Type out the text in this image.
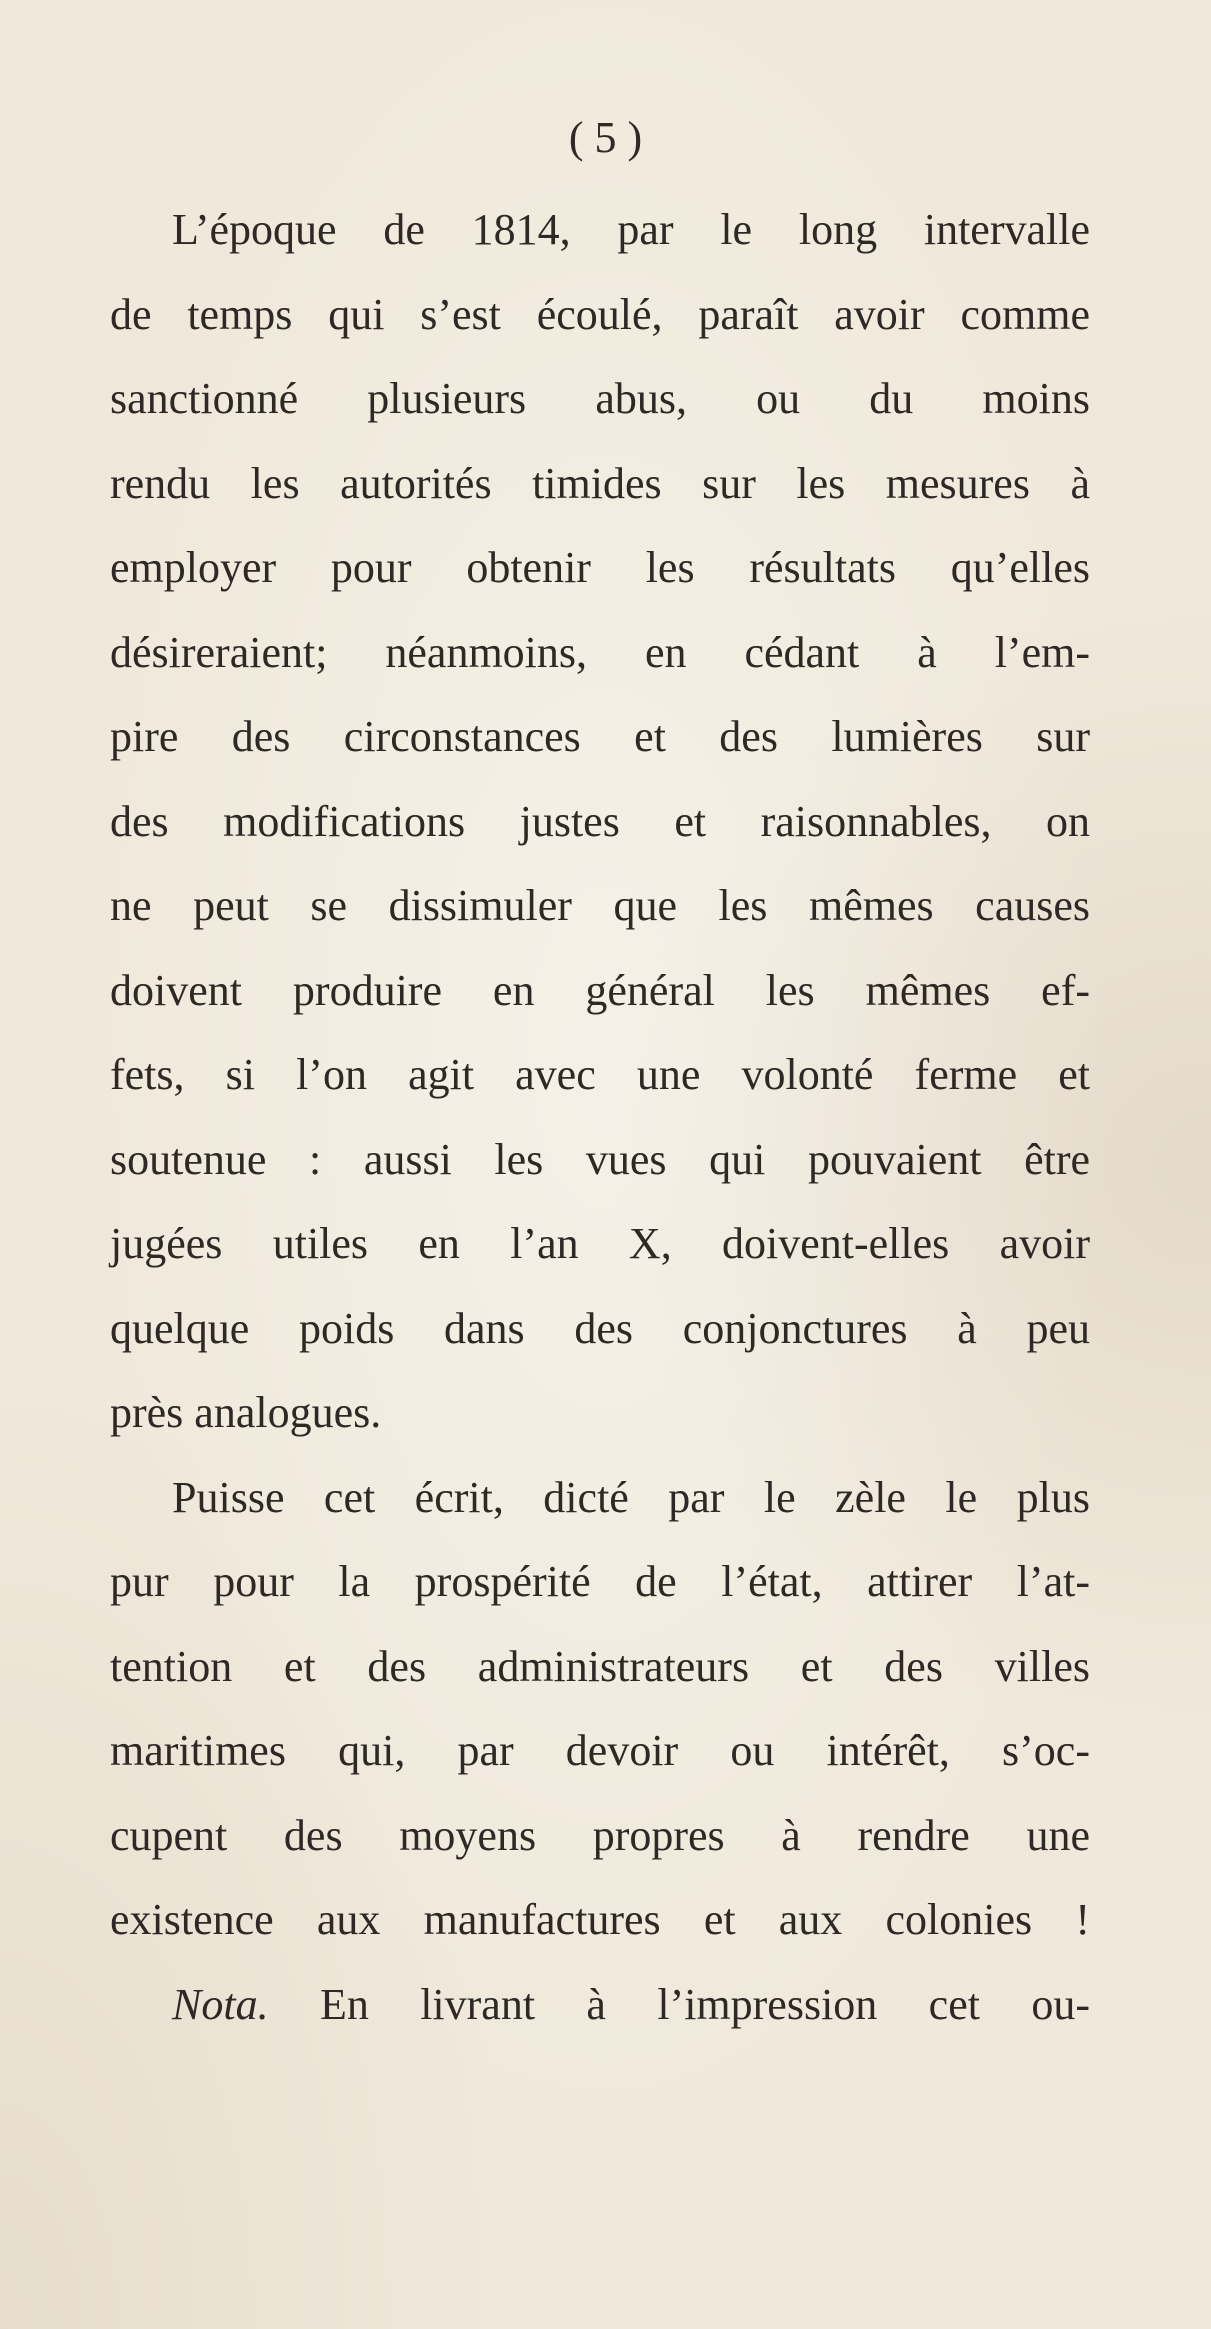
( 5 )
L’époque de 1814, par le long intervalle
de temps qui s’est écoulé, paraît avoir comme
sanctionné plusieurs abus, ou du moins
rendu les autorités timides sur les mesures à
employer pour obtenir les résultats qu’elles
désireraient; néanmoins, en cédant à l’em-
pire des circonstances et des lumières sur
des modifications justes et raisonnables, on
ne peut se dissimuler que les mêmes causes
doivent produire en général les mêmes ef-
fets, si l’on agit avec une volonté ferme et
soutenue : aussi les vues qui pouvaient être
jugées utiles en l’an X, doivent-elles avoir
quelque poids dans des conjonctures à peu
près analogues.
Puisse cet écrit, dicté par le zèle le plus
pur pour la prospérité de l’état, attirer l’at-
tention et des administrateurs et des villes
maritimes qui, par devoir ou intérêt, s’oc-
cupent des moyens propres à rendre une
existence aux manufactures et aux colonies !
Nota. En livrant à l’impression cet ou-
